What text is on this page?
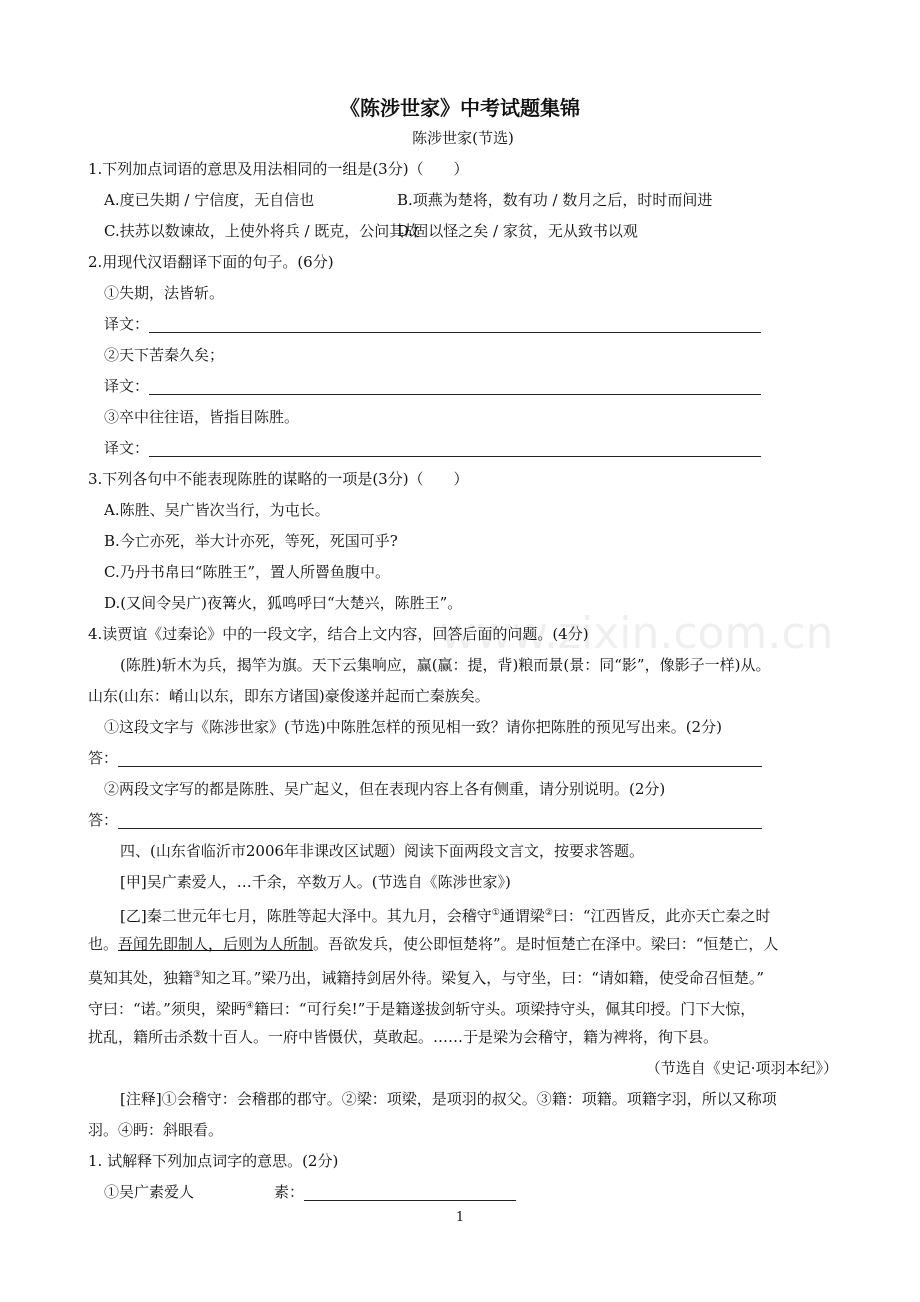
www.zixin.com.cn
《陈涉世家》中考试题集锦
陈涉世家(节选)
1.下列加点词语的意思及用法相同的一组是(3分)（　　）
A.度已失期 / 宁信度，无自信也	B.项燕为楚将，数有功 / 数月之后，时时而间进
C.扶苏以数谏故，上使外将兵 / 既克，公问其故D.固以怪之矣 / 家贫，无从致书以观
2.用现代汉语翻译下面的句子。(6分)
①失期，法皆斩。
译文：
②天下苦秦久矣；
译文：
③卒中往往语，皆指目陈胜。
译文：
3.下列各句中不能表现陈胜的谋略的一项是(3分)（　　）
A.陈胜、吴广皆次当行，为屯长。
B.今亡亦死，举大计亦死，等死，死国可乎?
C.乃丹书帛曰“陈胜王”，置人所罾鱼腹中。
D.(又间令吴广)夜篝火，狐鸣呼曰“大楚兴，陈胜王”。
4.读贾谊《过秦论》中的一段文字，结合上文内容，回答后面的问题。(4分)
(陈胜)斩木为兵，揭竿为旗。天下云集响应，赢(赢：提，背)粮而景(景：同“影”，像影子一样)从。
山东(山东：崤山以东，即东方诸国)豪俊遂并起而亡秦族矣。
①这段文字与《陈涉世家》(节选)中陈胜怎样的预见相一致？请你把陈胜的预见写出来。(2分)
答：
②两段文字写的都是陈胜、吴广起义，但在表现内容上各有侧重，请分别说明。(2分)
答：
四、(山东省临沂市2006年非课改区试题）阅读下面两段文言文，按要求答题。
[甲]吴广素爱人，…千余，卒数万人。(节选自《陈涉世家》)
[乙]秦二世元年七月，陈胜等起大泽中。其九月，会稽守①通谓梁②曰：“江西皆反，此亦天亡秦之时
也。吾闻先即制人，后则为人所制。吾欲发兵，使公即恒楚将”。是时恒楚亡在泽中。梁曰：“恒楚亡，人
莫知其处，独籍③知之耳。”梁乃出，诫籍持剑居外待。梁复入，与守坐，曰：“请如籍，使受命召恒楚。”
守曰：“诺。”须臾，梁眄④籍曰：“可行矣!”于是籍遂拔剑斩守头。项梁持守头，佩其印授。门下大惊，
扰乱，籍所击杀数十百人。一府中皆慑伏，莫敢起。……于是梁为会稽守，籍为裨将，徇下县。
（节选自《史记·项羽本纪》）
[注释]①会稽守：会稽郡的郡守。②梁：项梁，是项羽的叔父。③籍：项籍。项籍字羽，所以又称项
羽。④眄：斜眼看。
1. 试解释下列加点词字的意思。(2分)
①吴广素爱人	素：
1
